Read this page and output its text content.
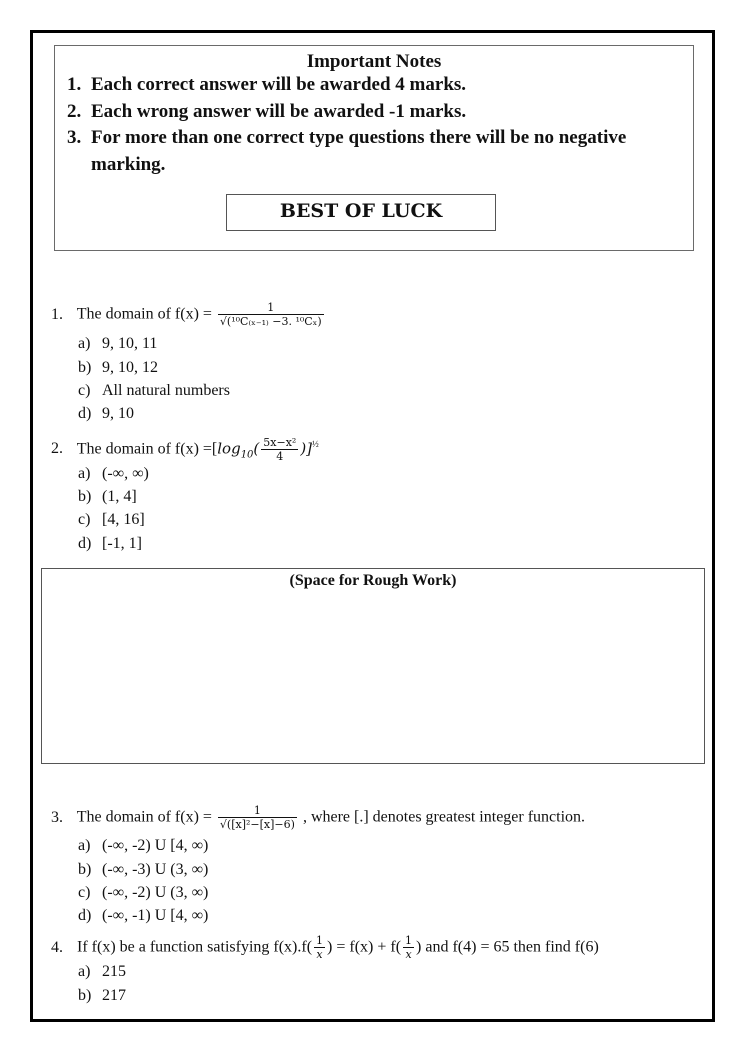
Important Notes
1. Each correct answer will be awarded 4 marks.
2. Each wrong answer will be awarded -1 marks.
3. For more than one correct type questions there will be no negative
marking.
BEST OF LUCK
1. The domain of $f(x) = \frac{1}{\text{√(¹⁰C₍ₓ₋₁₎ −3. ¹⁰Cₓ)}}$
a) 9, 10, 11
b) 9, 10, 12
c) All natural numbers
d) 9, 10
2. The domain of $f(x) =[\log_{10}( \frac{\text{5x−x²}}{4} )]^{\frac{1}{2}}$
a) (-∞, ∞)
b) (1, 4]
c) [4, 16]
d) [-1, 1]
(Space for Rough Work)
3. The domain of $f(x) = \frac{1}{\text{√([x]²−[x]−6)}}$ , where [.] denotes greatest integer function.
a) (-∞, -2) U [4, ∞)
b) (-∞, -3) U (3, ∞)
c) (-∞, -2) U (3, ∞)
d) (-∞, -1) U [4, ∞)
4. If f(x) be a function satisfying $f(x).f( \frac{1}{x}$ ) = $f(x) + f( \frac{1}{x}$ ) and f(4) = 65 then find f(6)
a) 215
b) 217
